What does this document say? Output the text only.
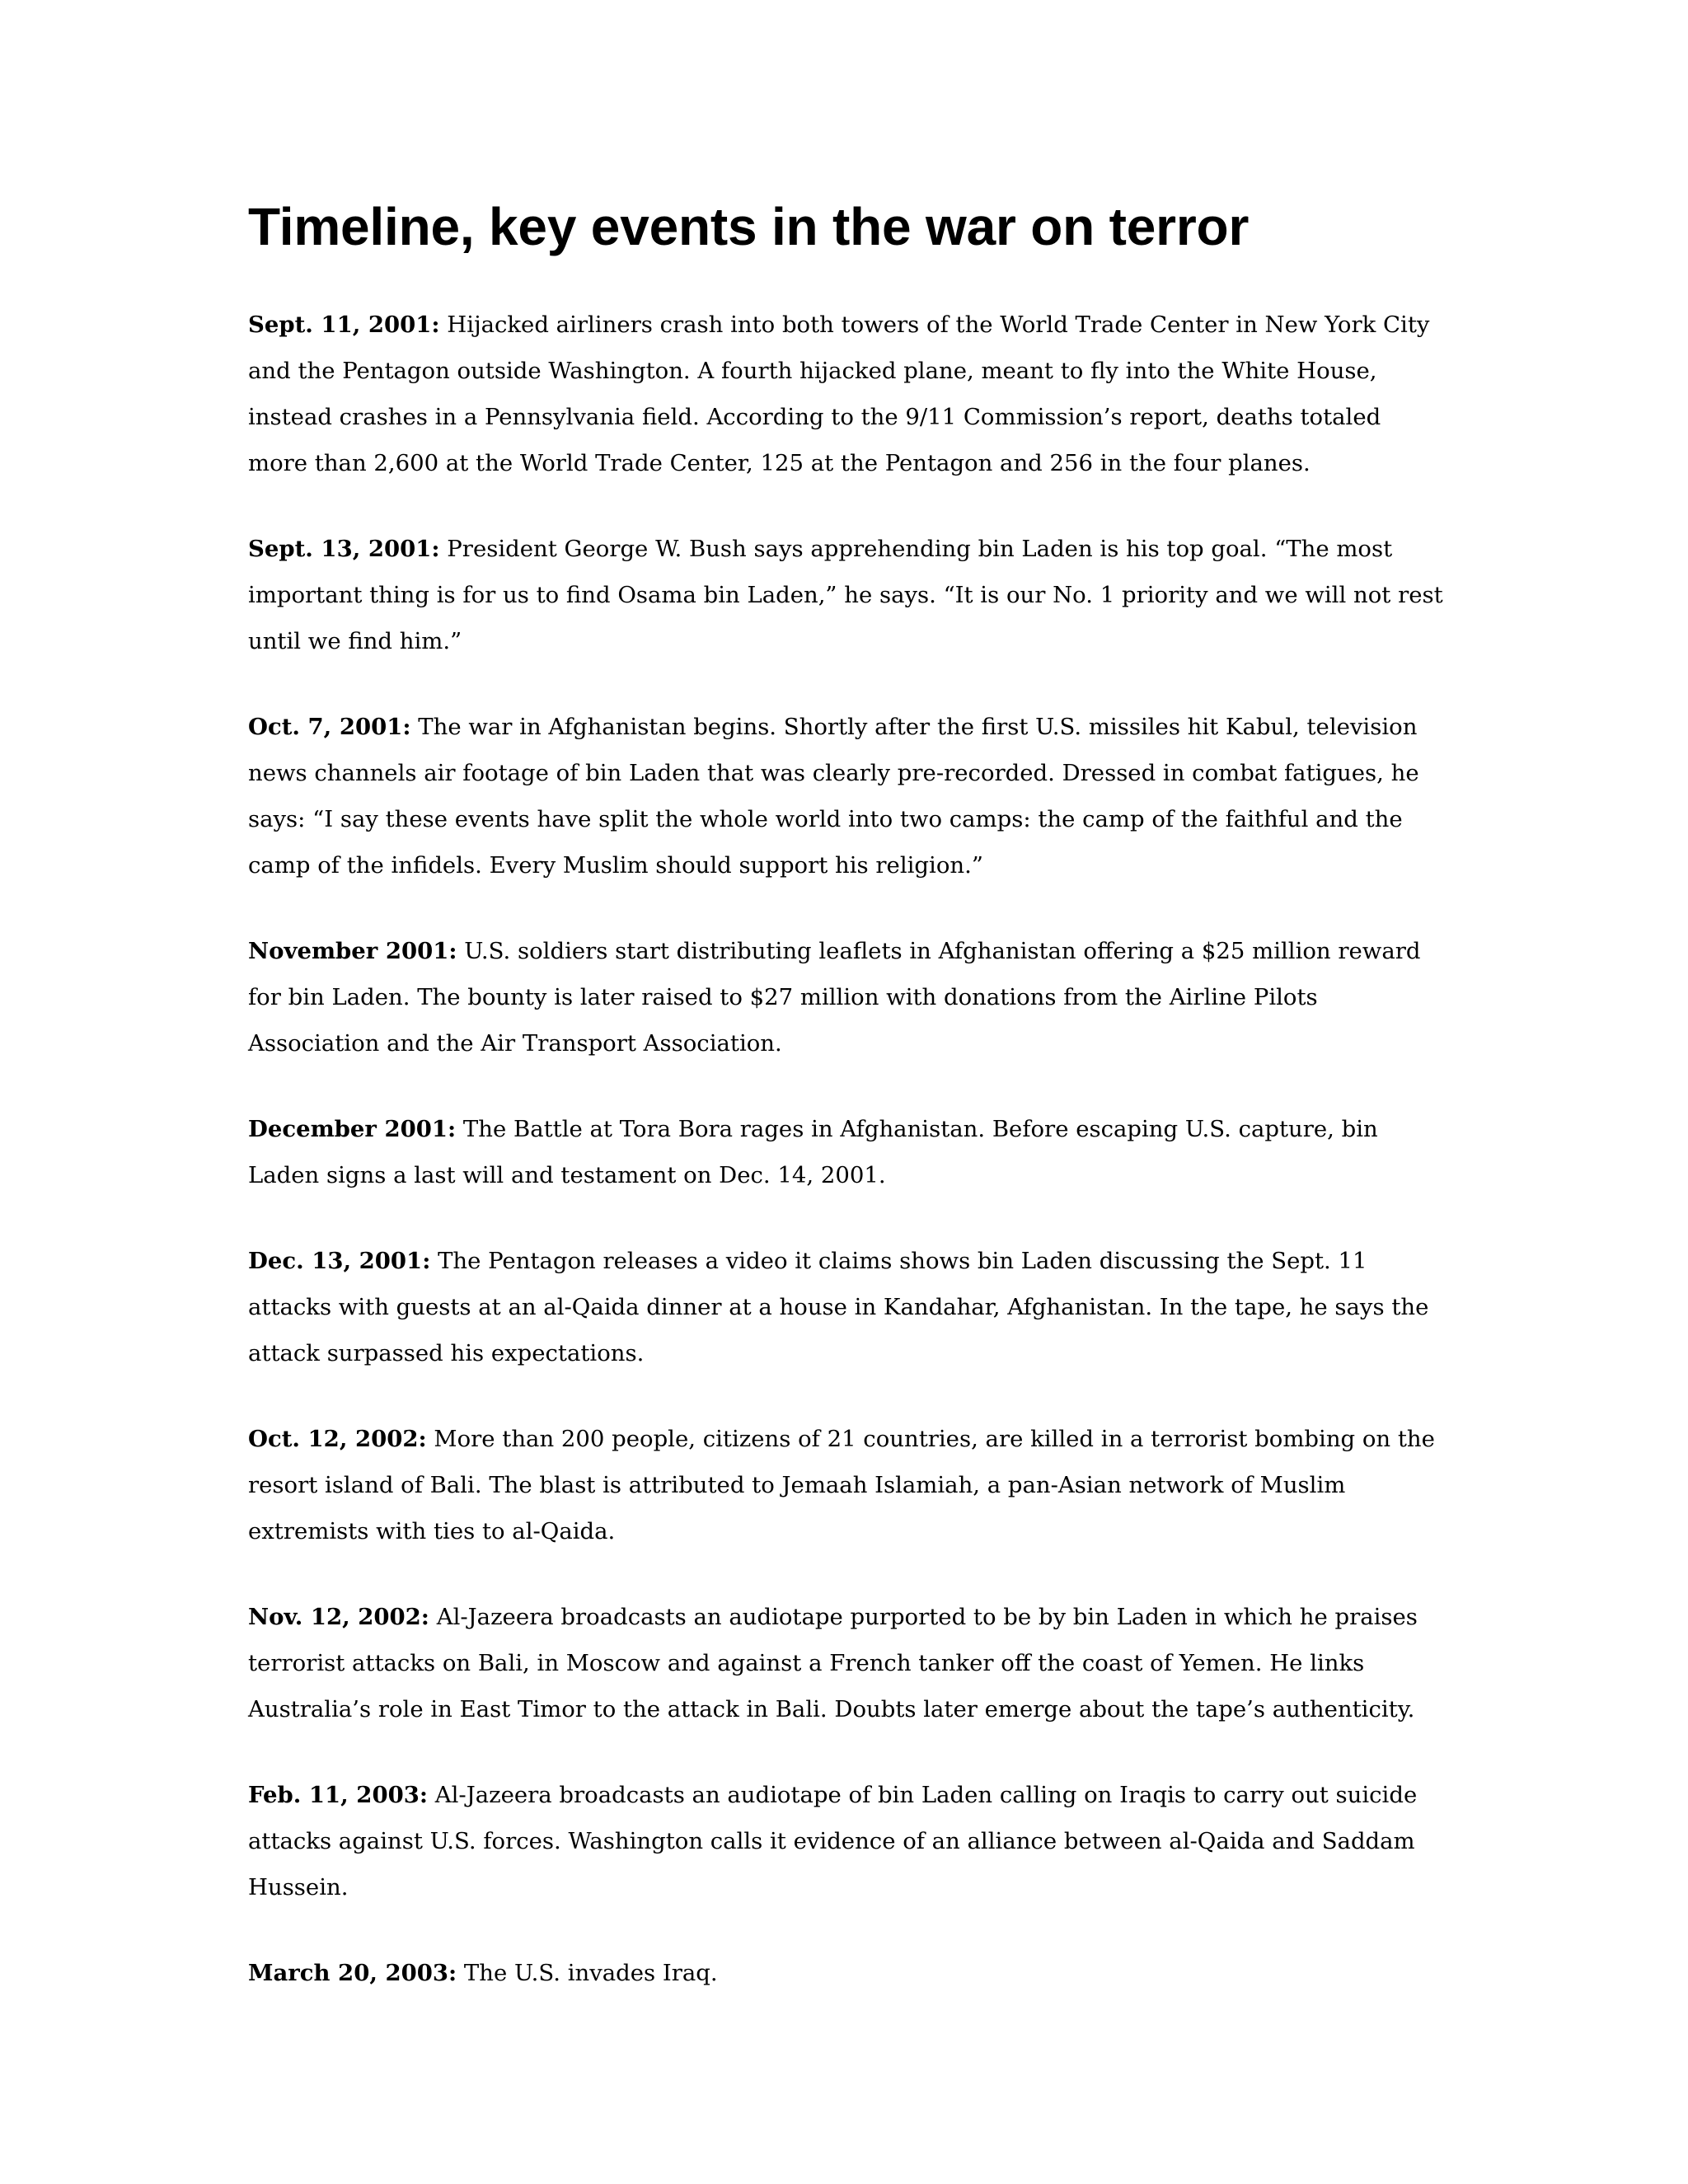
Timeline, key events in the war on terror

Sept. 11, 2001: Hijacked airliners crash into both towers of the World Trade Center in New York City and the Pentagon outside Washington. A fourth hijacked plane, meant to fly into the White House, instead crashes in a Pennsylvania field. According to the 9/11 Commission’s report, deaths totaled more than 2,600 at the World Trade Center, 125 at the Pentagon and 256 in the four planes.

Sept. 13, 2001: President George W. Bush says apprehending bin Laden is his top goal. “The most important thing is for us to find Osama bin Laden,” he says. “It is our No. 1 priority and we will not rest until we find him.”

Oct. 7, 2001: The war in Afghanistan begins. Shortly after the first U.S. missiles hit Kabul, television news channels air footage of bin Laden that was clearly pre-recorded. Dressed in combat fatigues, he says: “I say these events have split the whole world into two camps: the camp of the faithful and the camp of the infidels. Every Muslim should support his religion.”

November 2001: U.S. soldiers start distributing leaflets in Afghanistan offering a $25 million reward for bin Laden. The bounty is later raised to $27 million with donations from the Airline Pilots Association and the Air Transport Association.

December 2001: The Battle at Tora Bora rages in Afghanistan. Before escaping U.S. capture, bin Laden signs a last will and testament on Dec. 14, 2001.

Dec. 13, 2001: The Pentagon releases a video it claims shows bin Laden discussing the Sept. 11 attacks with guests at an al-Qaida dinner at a house in Kandahar, Afghanistan. In the tape, he says the attack surpassed his expectations.

Oct. 12, 2002: More than 200 people, citizens of 21 countries, are killed in a terrorist bombing on the resort island of Bali. The blast is attributed to Jemaah Islamiah, a pan-Asian network of Muslim extremists with ties to al-Qaida.

Nov. 12, 2002: Al-Jazeera broadcasts an audiotape purported to be by bin Laden in which he praises terrorist attacks on Bali, in Moscow and against a French tanker off the coast of Yemen. He links Australia’s role in East Timor to the attack in Bali. Doubts later emerge about the tape’s authenticity.

Feb. 11, 2003: Al-Jazeera broadcasts an audiotape of bin Laden calling on Iraqis to carry out suicide attacks against U.S. forces. Washington calls it evidence of an alliance between al-Qaida and Saddam Hussein.

March 20, 2003: The U.S. invades Iraq.
